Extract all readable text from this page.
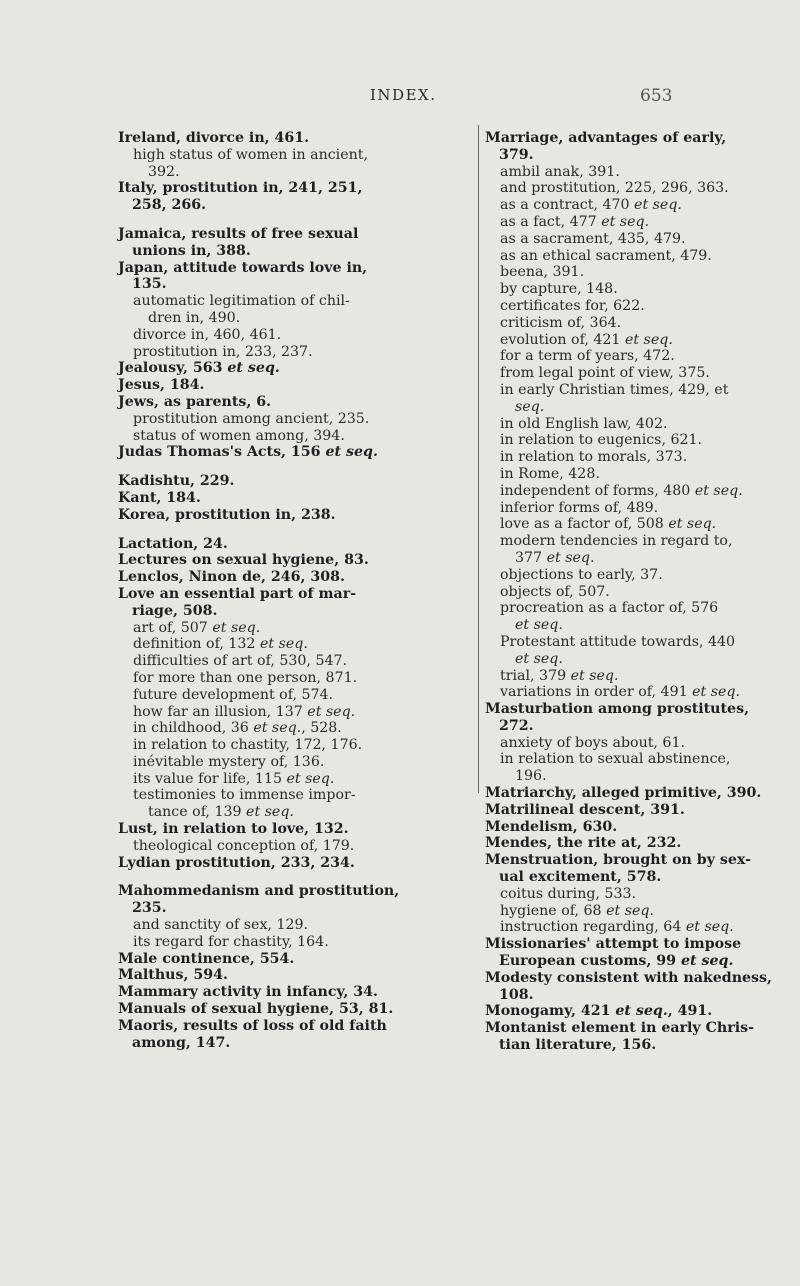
INDEX.	653

Ireland, divorce in, 461.

high status of women in ancient,

392.

Italy, prostitution in, 241, 251,

258, 266.

Jamaica, results of free sexual

unions in, 388.

Japan, attitude towards love in,

135.

automatic legitimation of chil-

dren in, 490.

divorce in, 460, 461.

prostitution in, 233, 237.

Jealousy, 563 et seq.

Jesus, 184.

Jews, as parents, 6.

prostitution among ancient, 235.

status of women among, 394.

Judas Thomas's Acts, 156 et seq.

Kadishtu, 229.

Kant, 184.

Korea, prostitution in, 238.

Lactation, 24.

Lectures on sexual hygiene, 83.

Lenclos, Ninon de, 246, 308.

Love an essential part of mar-

riage, 508.

art of, 507 et seq.

definition of, 132 et seq.

difficulties of art of, 530, 547.

for more than one person, 871.

future development of, 574.

how far an illusion, 137 et seq.

in childhood, 36 et seq., 528.

in relation to chastity, 172, 176.

inévitable mystery of, 136.

its value for life, 115 et seq.

testimonies to immense impor-

tance of, 139 et seq.

Lust, in relation to love, 132.

theological conception of, 179.

Lydian prostitution, 233, 234.

Mahommedanism and prostitution,

235.

and sanctity of sex, 129.

its regard for chastity, 164.

Male continence, 554.

Malthus, 594.

Mammary activity in infancy, 34.

Manuals of sexual hygiene, 53, 81.

Maoris, results of loss of old faith

among, 147.

Marriage, advantages of early,

379.

ambil anak, 391.

and prostitution, 225, 296, 363.

as a contract, 470 et seq.

as a fact, 477 et seq.

as a sacrament, 435, 479.

as an ethical sacrament, 479.

beena, 391.

by capture, 148.

certificates for, 622.

criticism of, 364.

evolution of, 421 et seq.

for a term of years, 472.

from legal point of view, 375.

in early Christian times, 429, et

seq.

in old English law, 402.

in relation to eugenics, 621.

in relation to morals, 373.

in Rome, 428.

independent of forms, 480 et seq.

inferior forms of, 489.

love as a factor of, 508 et seq.

modern tendencies in regard to,

377 et seq.

objections to early, 37.

objects of, 507.

procreation as a factor of, 576

et seq.

Protestant attitude towards, 440

et seq.

trial, 379 et seq.

variations in order of, 491 et seq.

Masturbation among prostitutes,

272.

anxiety of boys about, 61.

in relation to sexual abstinence,

196.

Matriarchy, alleged primitive, 390.

Matrilineal descent, 391.

Mendelism, 630.

Mendes, the rite at, 232.

Menstruation, brought on by sex-

ual excitement, 578.

coitus during, 533.

hygiene of, 68 et seq.

instruction regarding, 64 et seq.

Missionaries' attempt to impose

European customs, 99 et seq.

Modesty consistent with nakedness,

108.

Monogamy, 421 et seq., 491.

Montanist element in early Chris-

tian literature, 156.
